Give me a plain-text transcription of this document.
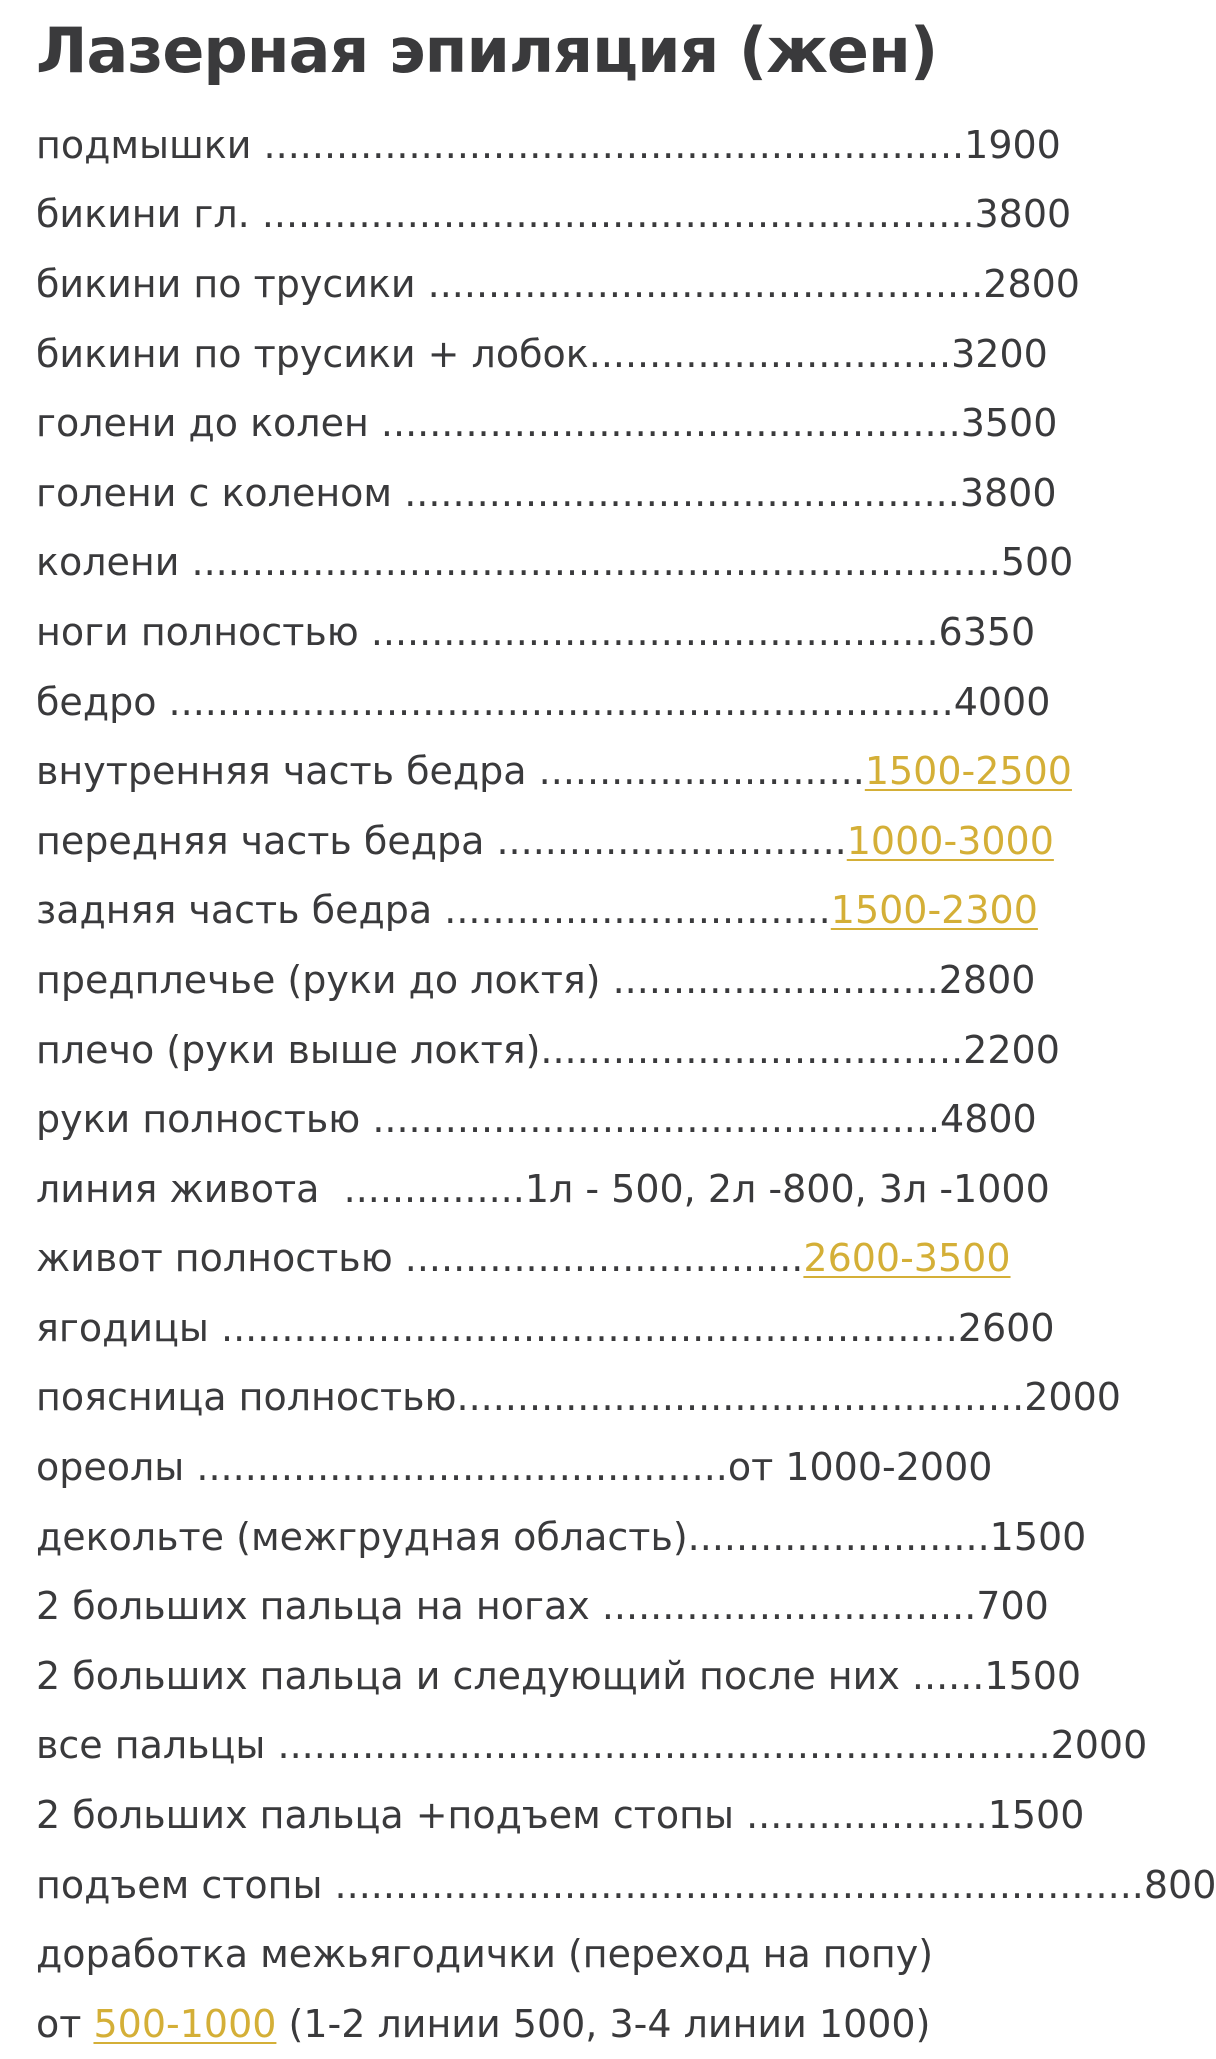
Лазерная эпиляция (жен)
подмышки .......................................................... 1900
бикини гл. ........................................................... 3800
бикини по трусики .............................................. 2800
бикини по трусики + лобок .............................. 3200
голени до колен ................................................ 3500
голени с коленом .............................................. 3800
колени ................................................................... 500
ноги полностью ............................................... 6350
бедро ................................................................. 4000
внутренняя часть бедра ........................... 1500-2500
передняя часть бедра ............................. 1000-3000
задняя часть бедра ................................ 1500-2300
предплечье (руки до локтя) ........................... 2800
плечо (руки выше локтя) ................................... 2200
руки полностью ............................................... 4800
линия живота ............... 1л - 500, 2л -800, 3л -1000
живот полностью ................................. 2600-3500
ягодицы ............................................................. 2600
поясница полностью ............................................... 2000
ореолы ............................................ от 1000-2000
декольте (межгрудная область) ......................... 1500
2 больших пальца на ногах ............................... 700
2 больших пальца и следующий после них ...... 1500
все пальцы ................................................................ 2000
2 больших пальца +подъем стопы .................... 1500
подъем стопы ................................................................... 800
доработка межьягодички (переход на попу)
от 500-1000 (1-2 линии 500, 3-4 линии 1000)
